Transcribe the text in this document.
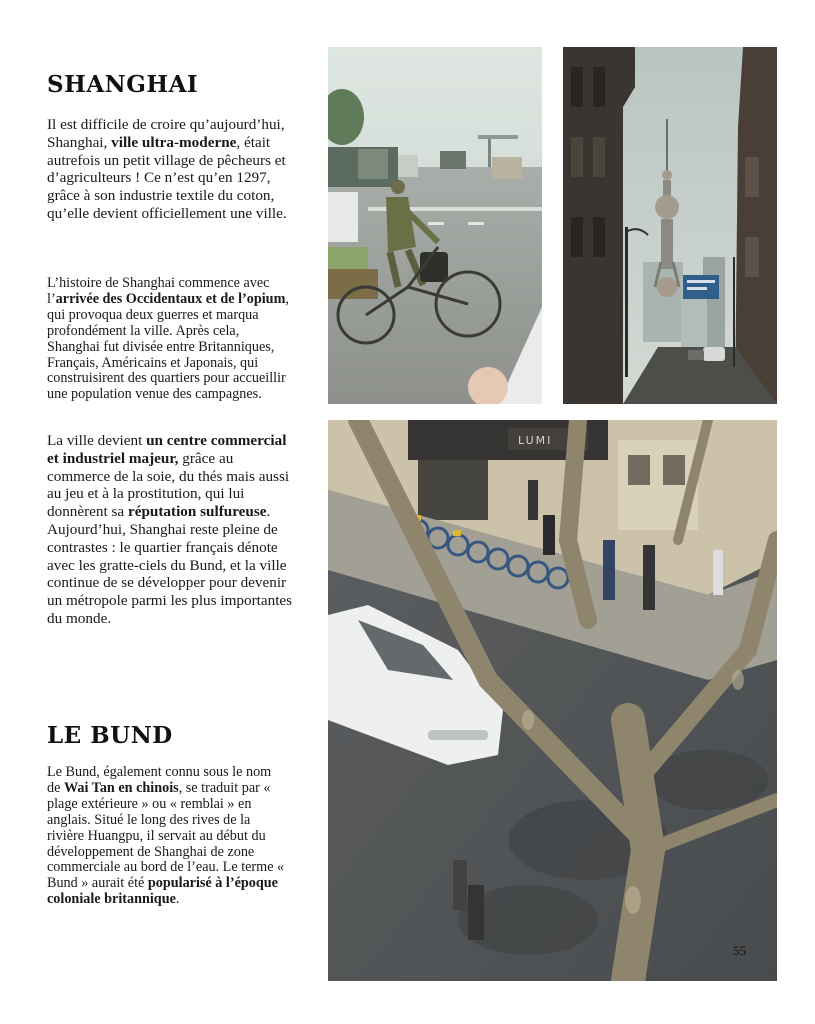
SHANGHAI

Il est difficile de croire qu’aujourd’hui, Shanghai, ville ultra-moderne, était autrefois un petit village de pêcheurs et d’agriculteurs ! Ce n’est qu’en 1297, grâce à son industrie textile du coton, qu’elle devient officiellement une ville.

L’histoire de Shanghai commence avec l’arrivée des Occidentaux et de l’opium, qui provoqua deux guerres et marqua profondément la ville. Après cela, Shanghai fut divisée entre Britanniques, Français, Américains et Japonais, qui construisirent des quartiers pour accueillir une population venue des campagnes.

La ville devient un centre commercial et industriel majeur, grâce au commerce de la soie, du thés mais aussi au jeu et à la prostitution, qui lui donnèrent sa réputation sulfureuse. Aujourd’hui, Shanghai reste pleine de contrastes : le quartier français dénote avec les gratte-ciels du Bund, et la ville continue de se développer pour devenir un métropole parmi les plus importantes du monde.

LE BUND

Le Bund, également connu sous le nom de Wai Tan en chinois, se traduit par « plage extérieure » ou « remblai » en anglais. Situé le long des rives de la rivière Huangpu, il servait au début du développement de Shanghai de zone commerciale au bord de l’eau. Le terme « Bund » aurait été popularisé à l’époque coloniale britannique.

LUMI
55
